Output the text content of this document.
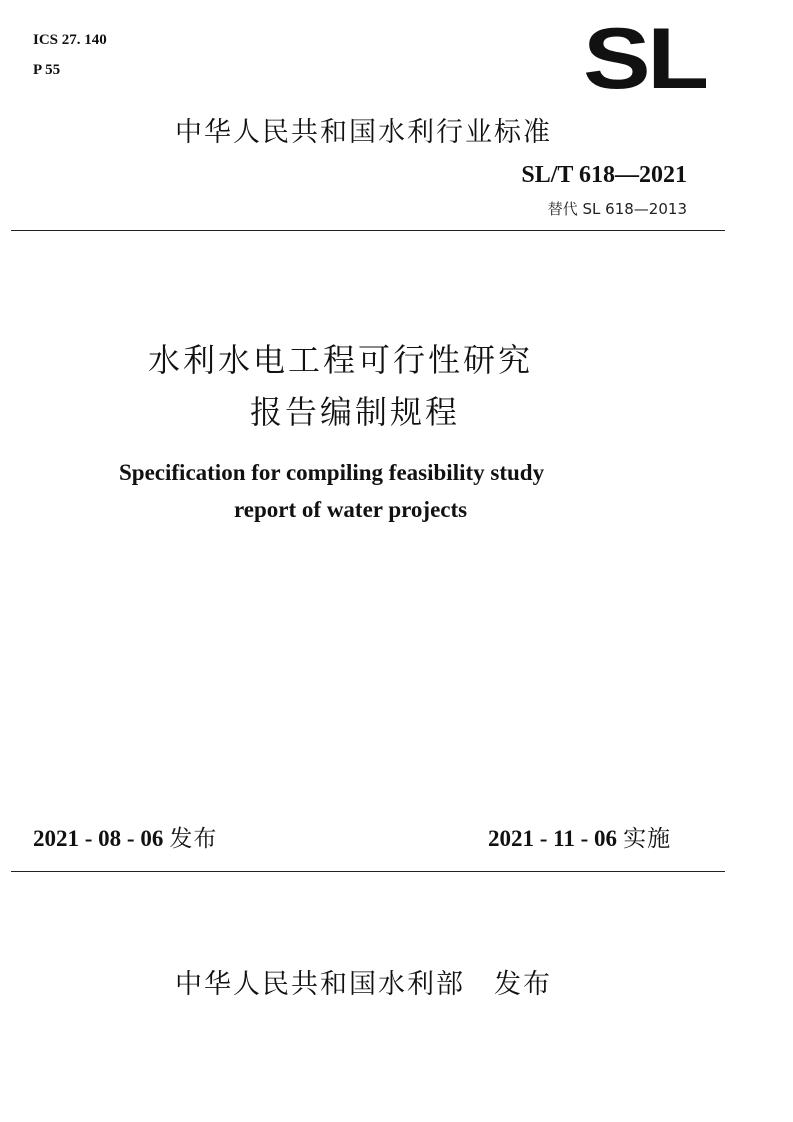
ICS 27. 140
P 55	SL
中华人民共和国水利行业标准
SL/T 618—2021
替代 SL 618—2013
水利水电工程可行性研究
报告编制规程
Specification for compiling feasibility study
report of water projects
2021 - 08 - 06 发布	2021 - 11 - 06 实施
中华人民共和国水利部　发布
